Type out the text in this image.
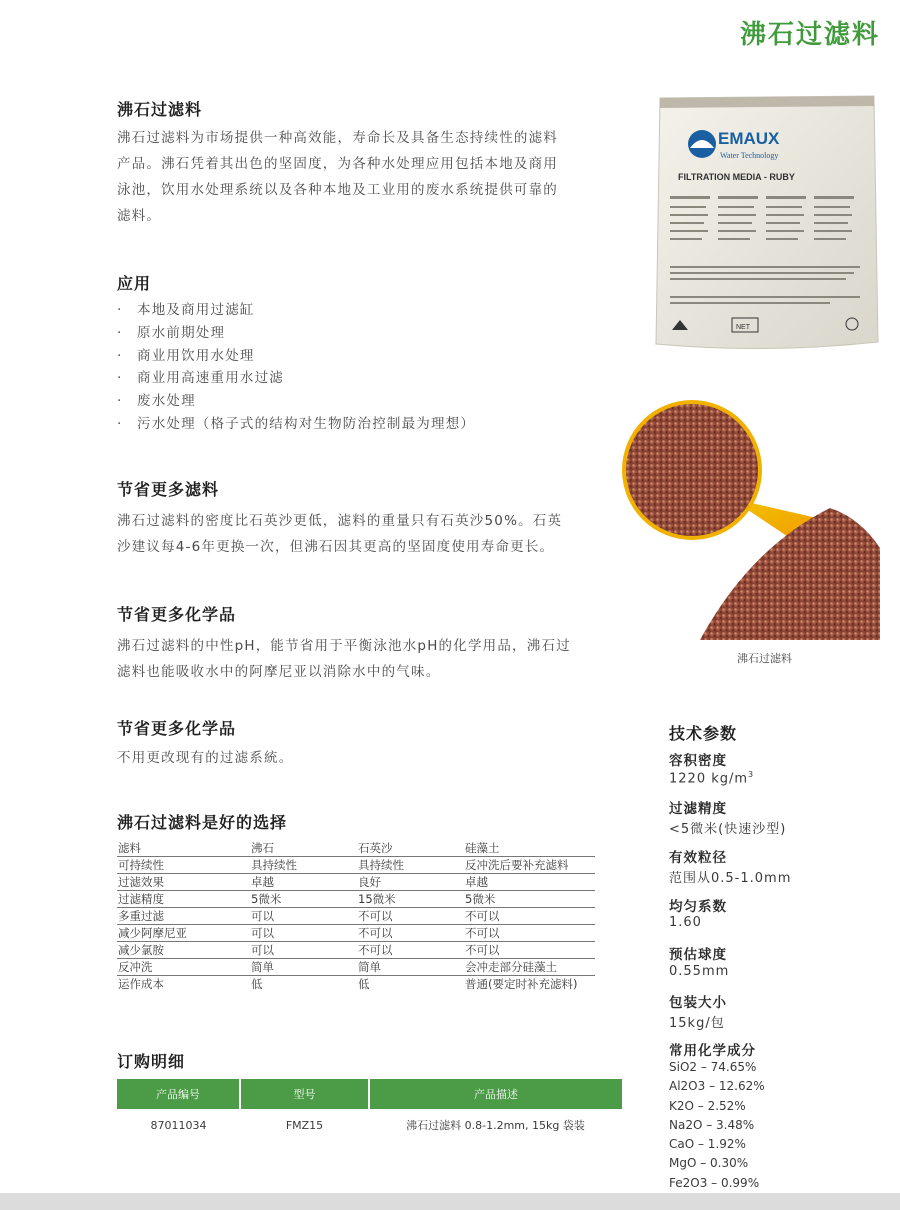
沸石过滤料
沸石过滤料
沸石过滤料为市场提供一种高效能，寿命长及具备生态持续性的滤料
产品。沸石凭着其出色的坚固度，为各种水处理应用包括本地及商用
泳池，饮用水处理系统以及各种本地及工业用的废水系统提供可靠的
滤料。
应用
· 本地及商用过滤缸
· 原水前期处理
· 商业用饮用水处理
· 商业用高速重用水过滤
· 废水处理
· 污水处理（格子式的结构对生物防治控制最为理想）
节省更多滤料
沸石过滤料的密度比石英沙更低，滤料的重量只有石英沙50%。石英
沙建议每4-6年更换一次，但沸石因其更高的坚固度使用寿命更长。
节省更多化学品
沸石过滤料的中性pH，能节省用于平衡泳池水pH的化学用品，沸石过
滤料也能吸收水中的阿摩尼亚以消除水中的气味。
节省更多化学品
不用更改现有的过滤系統。
沸石过滤料是好的选择
滤料	沸石	石英沙	硅藻土
可持续性	具持续性	具持续性	反冲洗后要补充滤料
过滤效果	卓越	良好	卓越
过滤精度	5微米	15微米	5微米
多重过滤	可以	不可以	不可以
减少阿摩尼亚	可以	不可以	不可以
减少氯胺	可以	不可以	不可以
反冲洗	简单	简单	会冲走部分硅藻土
运作成本	低	低	普通(要定时补充滤料)
订购明细
产品编号	型号	产品描述
87011034	FMZ15	沸石过滤料 0.8-1.2mm, 15kg 袋装
技术参数
容积密度
1220 $kg/m^3$
过滤精度
<5微米(快速沙型)
有效粒径
范围从0.5-1.0mm
均匀系数
1.60
预估球度
0.55mm
包装大小
15kg/包
常用化学成分
SiO2 – 74.65%
Al2O3 – 12.62%
K2O – 2.52%
Na2O – 3.48%
CaO – 1.92%
MgO – 0.30%
Fe2O3 – 0.99%
EMAUX
Water Technology
FILTRATION MEDIA - RUBY
NET
沸石过滤料
